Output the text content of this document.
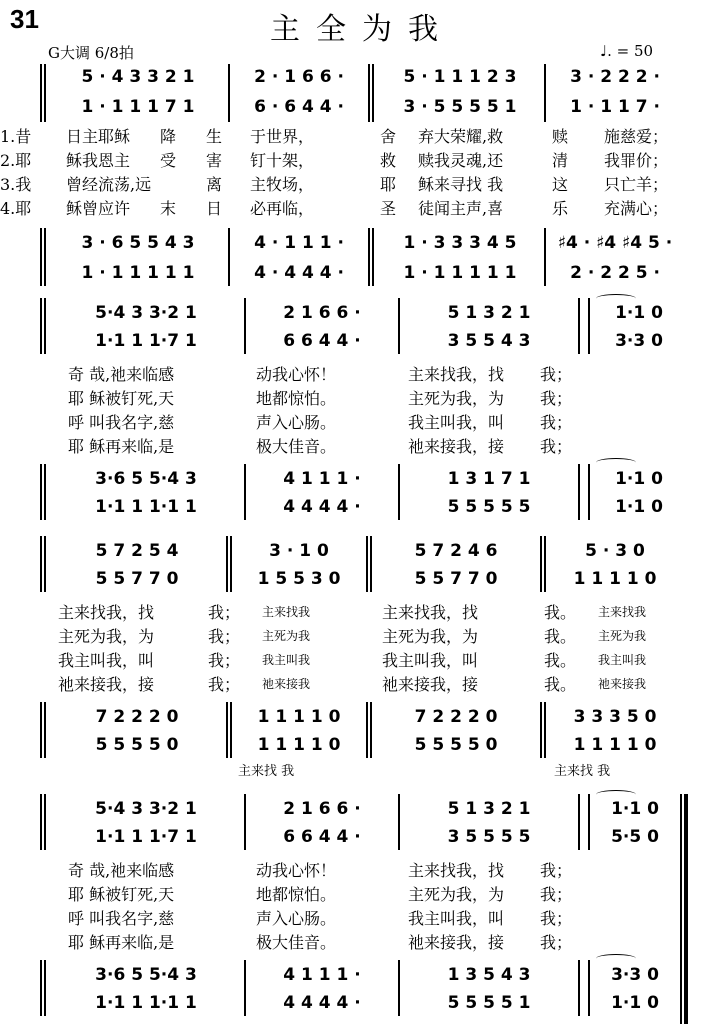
31	主全为我
G大调 6/8拍	♩. = 50
5 · 4 3 3 2 1	2 · 1 6 6 ·	5 · 1 1 1 2 3	3 · 2 2 2 ·
1 · 1 1 1 7 1	6 · 6 4 4 ·	3 · 5 5 5 5 1	1 · 1 1 7 ·
1.昔 日主耶稣 降 生 于世界，	舍 弃大荣耀,救	赎 施慈爱；
2.耶 稣我恩主 受 害 钉十架，	救 赎我灵魂,还	清 我罪价；
3.我 曾经流荡,远	离 主牧场，	耶 稣来寻找 我	这 只亡羊；
4.耶 稣曾应许 末 日 必再临，	圣 徒闻主声,喜	乐 充满心；
3 · 6 5 5 4 3	4 · 1 1 1 ·	1 · 3 3 3 4 5	♯4 · ♯4 ♯4 5 ·
1 · 1 1 1 1 1	4 · 4 4 4 ·	1 · 1 1 1 1 1	2 · 2 2 5 ·
5·4 3 3·2 1	2 1 6 6 ·	5 1 3 2 1	1·1 0
1·1 1 1·7 1	6 6 4 4 ·	3 5 5 4 3	3·3 0
奇 哉,祂来临感	动我心怀！	主来找我，找 我；
耶 稣被钉死,天	地都惊怕。	主死为我，为 我；
呼 叫我名字,慈	声入心肠。	我主叫我，叫 我；
耶 稣再来临,是	极大佳音。	祂来接我，接 我；
3·6 5 5·4 3	4 1 1 1 ·	1 3 1 7 1	1·1 0
1·1 1 1·1 1	4 4 4 4 ·	5 5 5 5 5	1·1 0
5 7 2 5 4	3 · 1 0	5 7 2 4 6	5 · 3 0
5 5 7 7 0	1 5 5 3 0	5 5 7 7 0	1 1 1 1 0
主来找我，找	我； 主来找我	主来找我，找	我。 主来找我
主死为我，为	我； 主死为我	主死为我，为	我。 主死为我
我主叫我，叫	我； 我主叫我	我主叫我，叫	我。 我主叫我
祂来接我，接	我； 祂来接我	祂来接我，接	我。 祂来接我
7 2 2 2 0	1 1 1 1 0	7 2 2 2 0	3 3 3 5 0
5 5 5 5 0	1 1 1 1 0	5 5 5 5 0	1 1 1 1 0
主来找 我	主来找 我
5·4 3 3·2 1	2 1 6 6 ·	5 1 3 2 1	1·1 0
1·1 1 1·7 1	6 6 4 4 ·	3 5 5 5 5	5·5 0
奇 哉,祂来临感	动我心怀！	主来找我，找 我；
耶 稣被钉死,天	地都惊怕。	主死为我，为 我；
呼 叫我名字,慈	声入心肠。	我主叫我，叫 我；
耶 稣再来临,是	极大佳音。	祂来接我，接 我；
3·6 5 5·4 3	4 1 1 1 ·	1 3 5 4 3	3·3 0
1·1 1 1·1 1	4 4 4 4 ·	5 5 5 5 1	1·1 0
